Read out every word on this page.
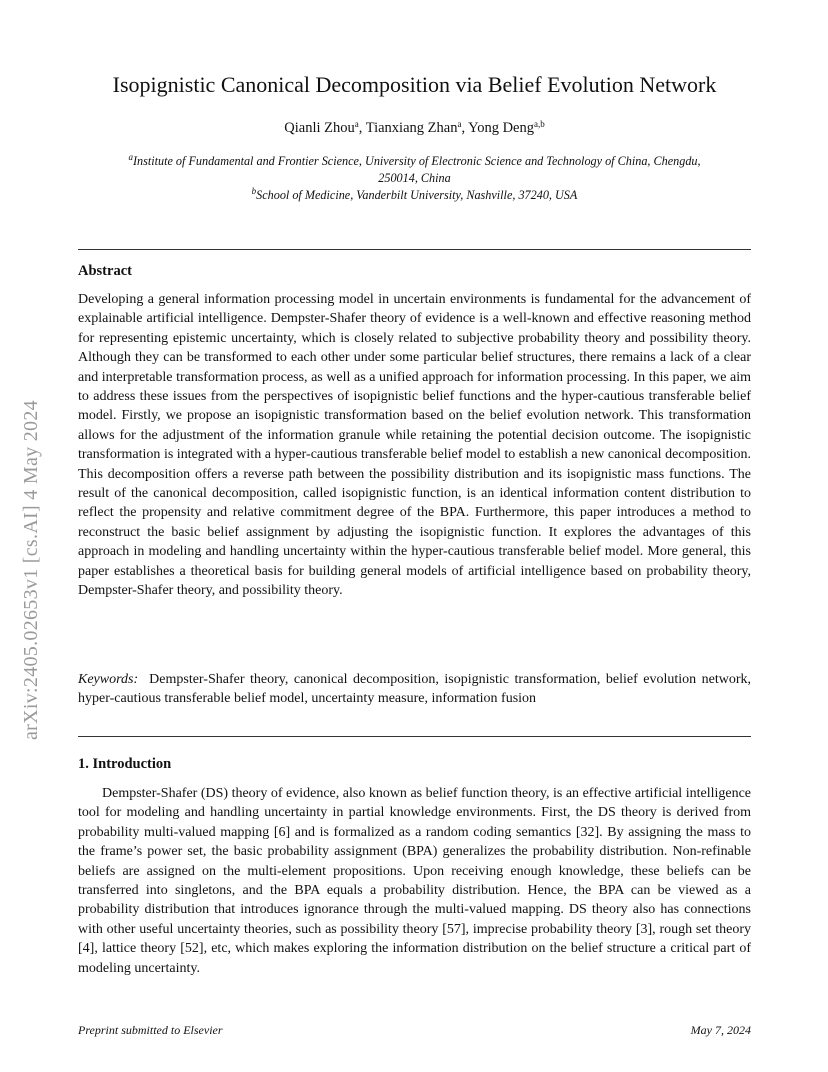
arXiv:2405.02653v1 [cs.AI] 4 May 2024
Isopignistic Canonical Decomposition via Belief Evolution Network
Qianli Zhou$^a$, Tianxiang Zhan$^a$, Yong Deng$^{a,b}$
$^a$Institute of Fundamental and Frontier Science, University of Electronic Science and Technology of China, Chengdu, 250014, China
$^b$School of Medicine, Vanderbilt University, Nashville, 37240, USA
Abstract

Developing a general information processing model in uncertain environments is fundamental for the advancement of explainable artificial intelligence. Dempster-Shafer theory of evidence is a well-known and effective reasoning method for representing epistemic uncertainty, which is closely related to subjective probability theory and possibility theory. Although they can be transformed to each other under some particular belief structures, there remains a lack of a clear and interpretable transformation process, as well as a unified approach for information processing. In this paper, we aim to address these issues from the perspectives of isopignistic belief functions and the hyper-cautious transferable belief model. Firstly, we propose an isopignistic transformation based on the belief evolution network. This transformation allows for the adjustment of the information granule while retaining the potential decision outcome. The isopignistic transformation is integrated with a hyper-cautious transferable belief model to establish a new canonical decomposition. This decomposition offers a reverse path between the possibility distribution and its isopignistic mass functions. The result of the canonical decomposition, called isopignistic function, is an identical information content distribution to reflect the propensity and relative commitment degree of the BPA. Furthermore, this paper introduces a method to reconstruct the basic belief assignment by adjusting the isopignistic function. It explores the advantages of this approach in modeling and handling uncertainty within the hyper-cautious transferable belief model. More general, this paper establishes a theoretical basis for building general models of artificial intelligence based on probability theory, Dempster-Shafer theory, and possibility theory.

Keywords: Dempster-Shafer theory, canonical decomposition, isopignistic transformation, belief evolution network, hyper-cautious transferable belief model, uncertainty measure, information fusion

1. Introduction

Dempster-Shafer (DS) theory of evidence, also known as belief function theory, is an effective artificial intelligence tool for modeling and handling uncertainty in partial knowledge environments. First, the DS theory is derived from probability multi-valued mapping [6] and is formalized as a random coding semantics [32]. By assigning the mass to the frame’s power set, the basic probability assignment (BPA) generalizes the probability distribution. Non-refinable beliefs are assigned on the multi-element propositions. Upon receiving enough knowledge, these beliefs can be transferred into singletons, and the BPA equals a probability distribution. Hence, the BPA can be viewed as a probability distribution that introduces ignorance through the multi-valued mapping. DS theory also has connections with other useful uncertainty theories, such as possibility theory [57], imprecise probability theory [3], rough set theory [4], lattice theory [52], etc, which makes exploring the information distribution on the belief structure a critical part of modeling uncertainty.

Preprint submitted to Elsevier	May 7, 2024
